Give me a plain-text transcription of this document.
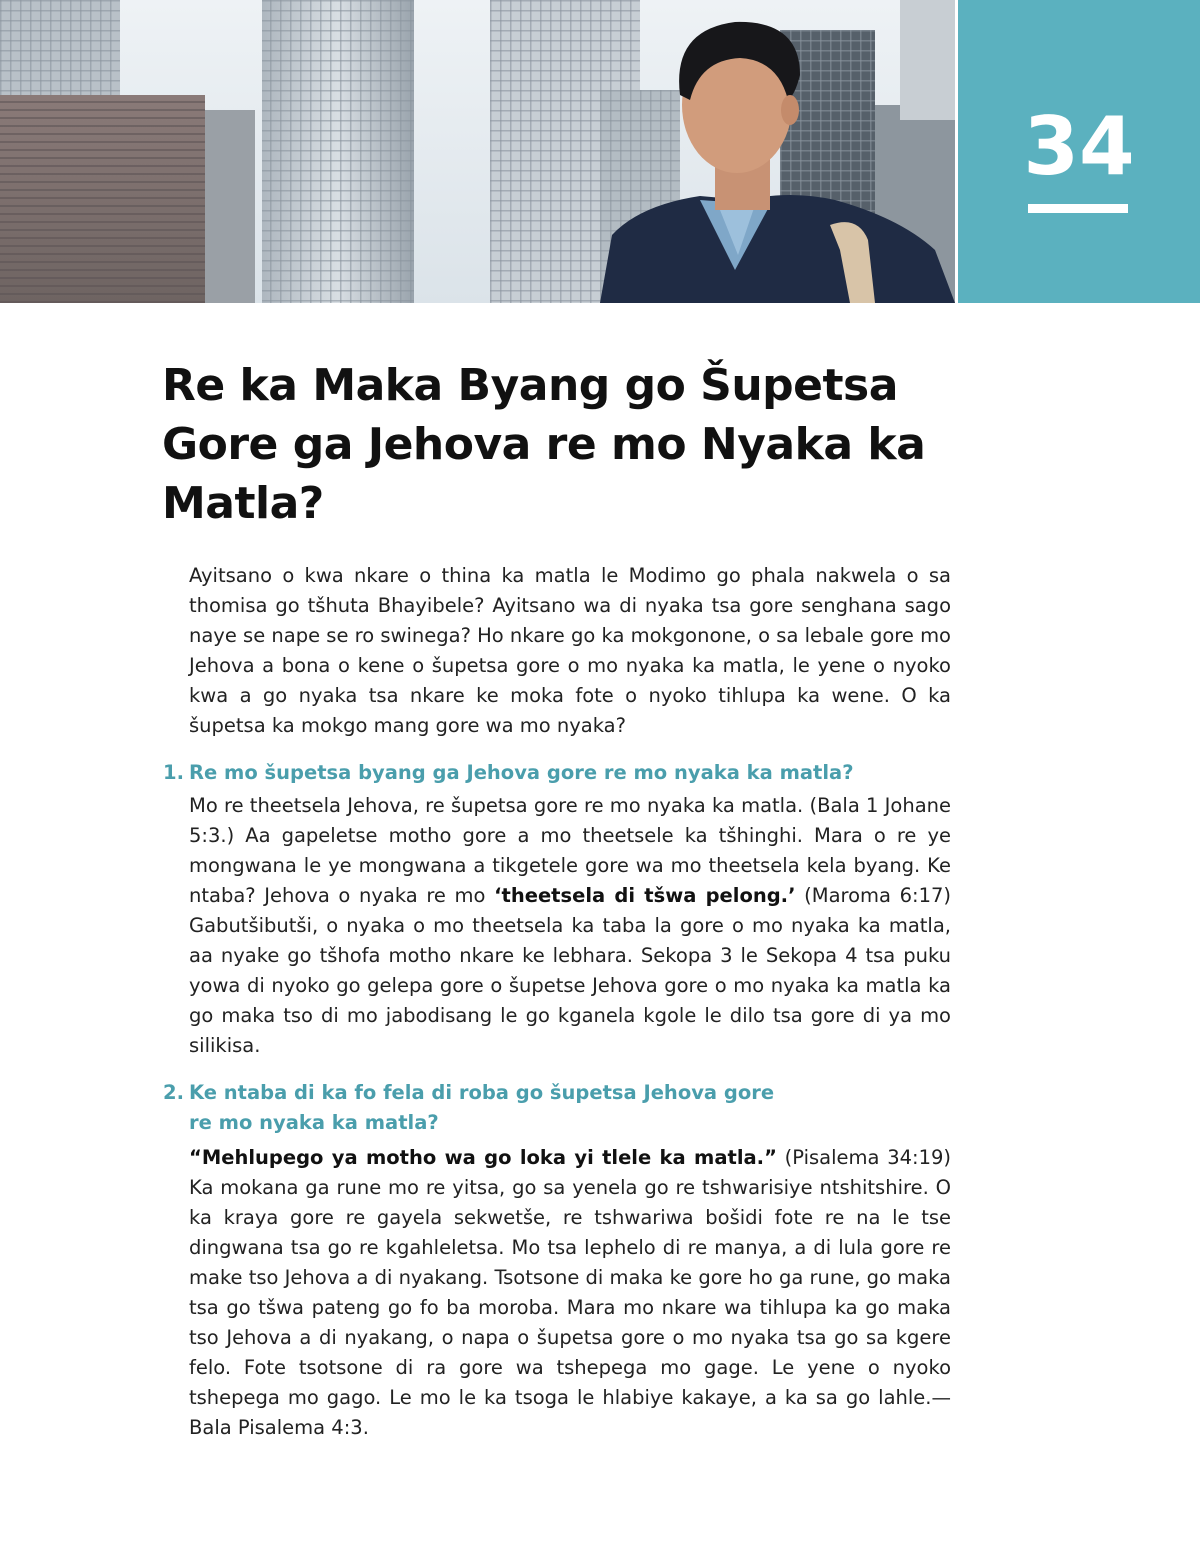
34
Re ka Maka Byang go Šupetsa Gore ga Jehova re mo Nyaka ka Matla?

Ayitsano o kwa nkare o thina ka matla le Modimo go phala nakwela o sa thomisa go tšhuta Bhayibele? Ayitsano wa di nyaka tsa gore senghana sago naye se nape se ro swinega? Ho nkare go ka mokgonone, o sa lebale gore mo Jehova a bona o kene o šupetsa gore o mo nyaka ka matla, le yene o nyoko kwa a go nyaka tsa nkare ke moka fote o nyoko tihlupa ka wene. O ka šupetsa ka mokgo mang gore wa mo nyaka?

1. Re mo šupetsa byang ga Jehova gore re mo nyaka ka matla?

Mo re theetsela Jehova, re šupetsa gore re mo nyaka ka matla. (Bala 1 Johane 5:3.) Aa gapeletse motho gore a mo theetsele ka tšhinghi. Mara o re ye mongwana le ye mongwana a tikgetele gore wa mo theetsela kela byang. Ke ntaba? Jehova o nyaka re mo ‘theetsela di tšwa pelong.’ (Maroma 6:17) Gabutšibutši, o nyaka o mo theetsela ka taba la gore o mo nyaka ka matla, aa nyake go tšhofa motho nkare ke lebhara. Sekopa 3 le Sekopa 4 tsa puku yowa di nyoko go gelepa gore o šupetse Jehova gore o mo nyaka ka matla ka go maka tso di mo jabodisang le go kganela kgole le dilo tsa gore di ya mo silikisa.

2. Ke ntaba di ka fo fela di roba go šupetsa Jehova gore
re mo nyaka ka matla?

“Mehlupego ya motho wa go loka yi tlele ka matla.” (Pisalema 34:19) Ka mokana ga rune mo re yitsa, go sa yenela go re tshwarisiye ntshitshire. O ka kraya gore re gayela sekwetše, re tshwariwa bošidi fote re na le tse dingwana tsa go re kgahleletsa. Mo tsa lephelo di re manya, a di lula gore re make tso Jehova a di nyakang. Tsotsone di maka ke gore ho ga rune, go maka tsa go tšwa pateng go fo ba moroba. Mara mo nkare wa tihlupa ka go maka tso Jehova a di nyakang, o napa o šupetsa gore o mo nyaka tsa go sa kgere felo. Fote tsotsone di ra gore wa tshepega mo gage. Le yene o nyoko tshepega mo gago. Le mo le ka tsoga le hlabiye kakaye, a ka sa go lahle.—Bala Pisalema 4:3.
